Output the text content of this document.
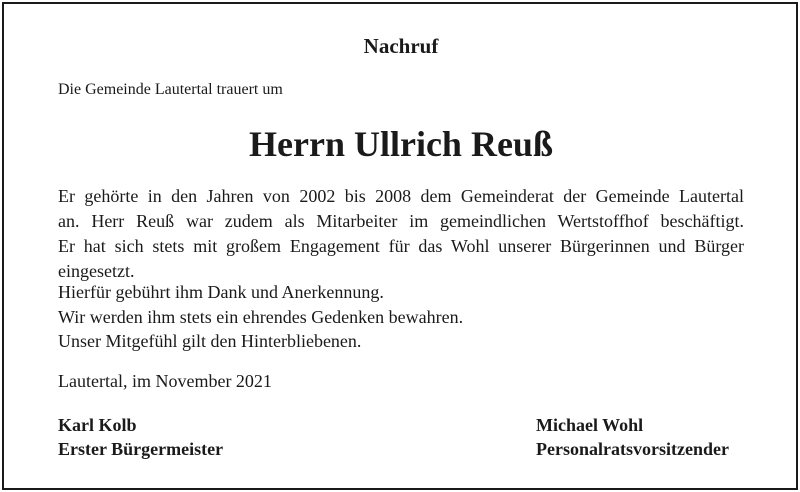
Nachruf
Die Gemeinde Lautertal trauert um
Herrn Ullrich Reuß
Er gehörte in den Jahren von 2002 bis 2008 dem Gemeinderat der Gemeinde Lautertal
an. Herr Reuß war zudem als Mitarbeiter im gemeindlichen Wertstoffhof beschäftigt.
Er hat sich stets mit großem Engagement für das Wohl unserer Bürgerinnen und Bürger
eingesetzt.
Hierfür gebührt ihm Dank und Anerkennung.
Wir werden ihm stets ein ehrendes Gedenken bewahren.
Unser Mitgefühl gilt den Hinterbliebenen.
Lautertal, im November 2021
Karl Kolb
Erster Bürgermeister
Michael Wohl
Personalratsvorsitzender
